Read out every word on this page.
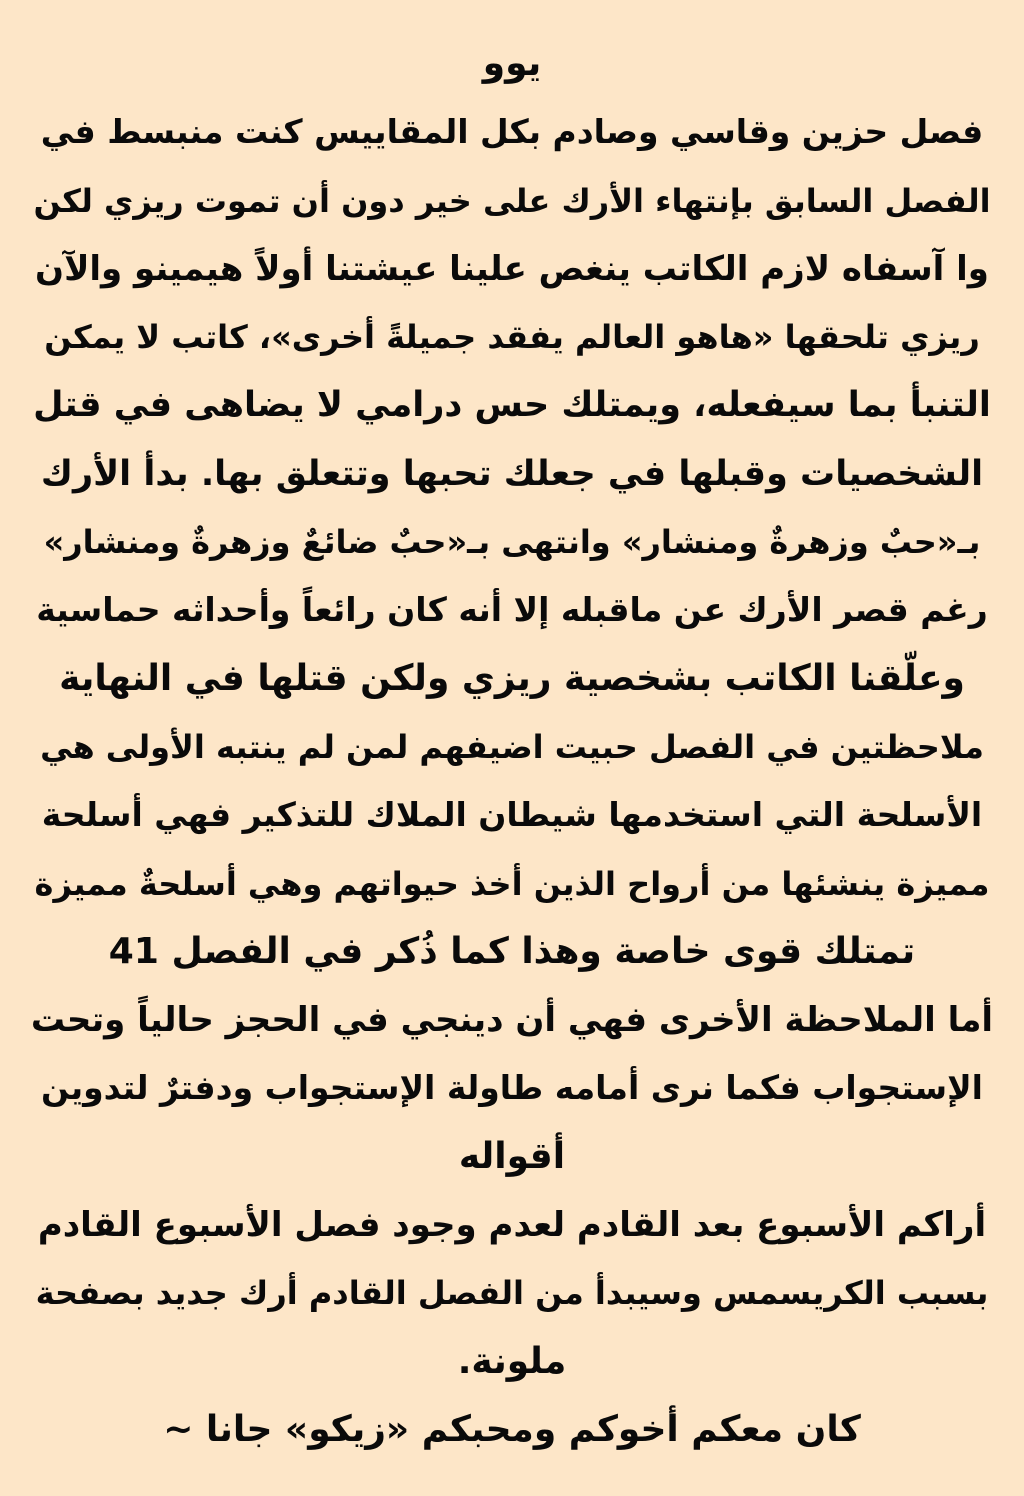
يوو
فصل حزين وقاسي وصادم بكل المقاييس كنت منبسط في
الفصل السابق بإنتهاء الأرك على خير دون أن تموت ريزي لكن
وا آسفاه لازم الكاتب ينغص علينا عيشتنا أولاً هيمينو والآن
ريزي تلحقها «هاهو العالم يفقد جميلةً أخرى»، كاتب لا يمكن
التنبأ بما سيفعله، ويمتلك حس درامي لا يضاهى في قتل
الشخصيات وقبلها في جعلك تحبها وتتعلق بها. بدأ الأرك
بـ«حبٌ وزهرةٌ ومنشار» وانتهى بـ«حبٌ ضائعٌ وزهرةٌ ومنشار»
رغم قصر الأرك عن ماقبله إلا أنه كان رائعاً وأحداثه حماسية
وعلّقنا الكاتب بشخصية ريزي ولكن قتلها في النهاية
ملاحظتين في الفصل حبيت اضيفهم لمن لم ينتبه الأولى هي
الأسلحة التي استخدمها شيطان الملاك للتذكير فهي أسلحة
مميزة ينشئها من أرواح الذين أخذ حيواتهم وهي أسلحةٌ مميزة
تمتلك قوى خاصة وهذا كما ذُكر في الفصل 41
أما الملاحظة الأخرى فهي أن دينجي في الحجز حالياً وتحت
الإستجواب فكما نرى أمامه طاولة الإستجواب ودفترٌ لتدوين
أقواله
أراكم الأسبوع بعد القادم لعدم وجود فصل الأسبوع القادم
بسبب الكريسمس وسيبدأ من الفصل القادم أرك جديد بصفحة
ملونة.
كان معكم أخوكم ومحبكم «زيكو» جانا ~
